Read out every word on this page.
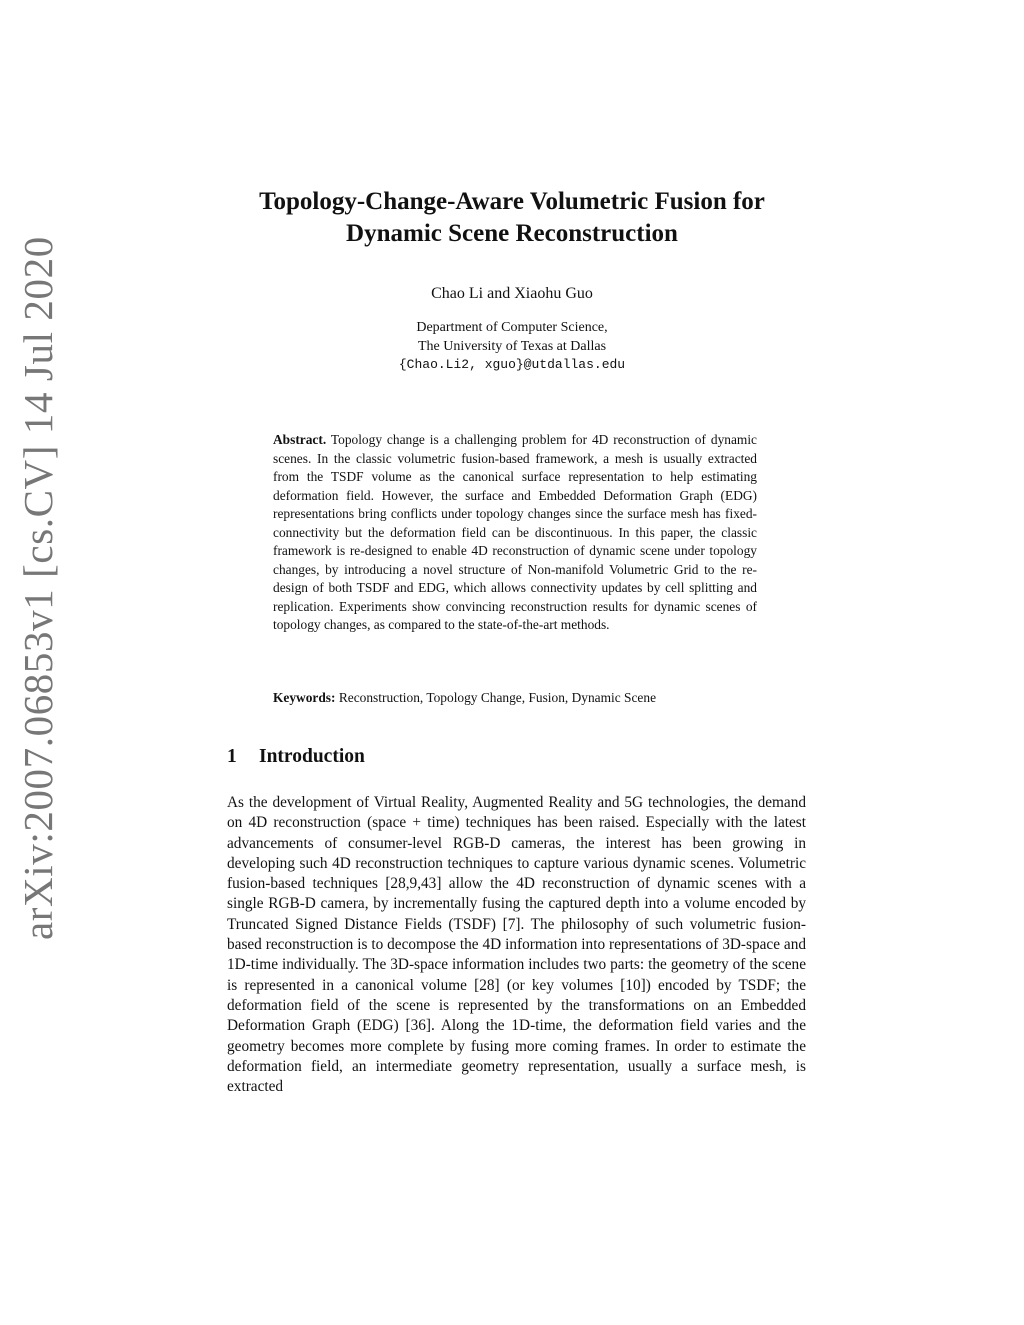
arXiv:2007.06853v1 [cs.CV] 14 Jul 2020
Topology-Change-Aware Volumetric Fusion for
Dynamic Scene Reconstruction
Chao Li and Xiaohu Guo
Department of Computer Science,
The University of Texas at Dallas
{Chao.Li2, xguo}@utdallas.edu
Abstract. Topology change is a challenging problem for 4D reconstruction of dynamic scenes. In the classic volumetric fusion-based framework, a mesh is usually extracted from the TSDF volume as the canonical surface representation to help estimating deformation field. However, the surface and Embedded Deformation Graph (EDG) representations bring conflicts under topology changes since the surface mesh has fixed-connectivity but the deformation field can be discontinuous. In this paper, the classic framework is re-designed to enable 4D reconstruction of dynamic scene under topology changes, by introducing a novel structure of Non-manifold Volumetric Grid to the re-design of both TSDF and EDG, which allows connectivity updates by cell splitting and replication. Experiments show convincing reconstruction results for dynamic scenes of topology changes, as compared to the state-of-the-art methods.
Keywords: Reconstruction, Topology Change, Fusion, Dynamic Scene
1 Introduction
As the development of Virtual Reality, Augmented Reality and 5G technologies, the demand on 4D reconstruction (space + time) techniques has been raised. Especially with the latest advancements of consumer-level RGB-D cameras, the interest has been growing in developing such 4D reconstruction techniques to capture various dynamic scenes. Volumetric fusion-based techniques [28,9,43] allow the 4D reconstruction of dynamic scenes with a single RGB-D camera, by incrementally fusing the captured depth into a volume encoded by Truncated Signed Distance Fields (TSDF) [7]. The philosophy of such volumetric fusion-based reconstruction is to decompose the 4D information into representations of 3D-space and 1D-time individually. The 3D-space information includes two parts: the geometry of the scene is represented in a canonical volume [28] (or key volumes [10]) encoded by TSDF; the deformation field of the scene is represented by the transformations on an Embedded Deformation Graph (EDG) [36]. Along the 1D-time, the deformation field varies and the geometry becomes more complete by fusing more coming frames. In order to estimate the deformation field, an intermediate geometry representation, usually a surface mesh, is extracted
